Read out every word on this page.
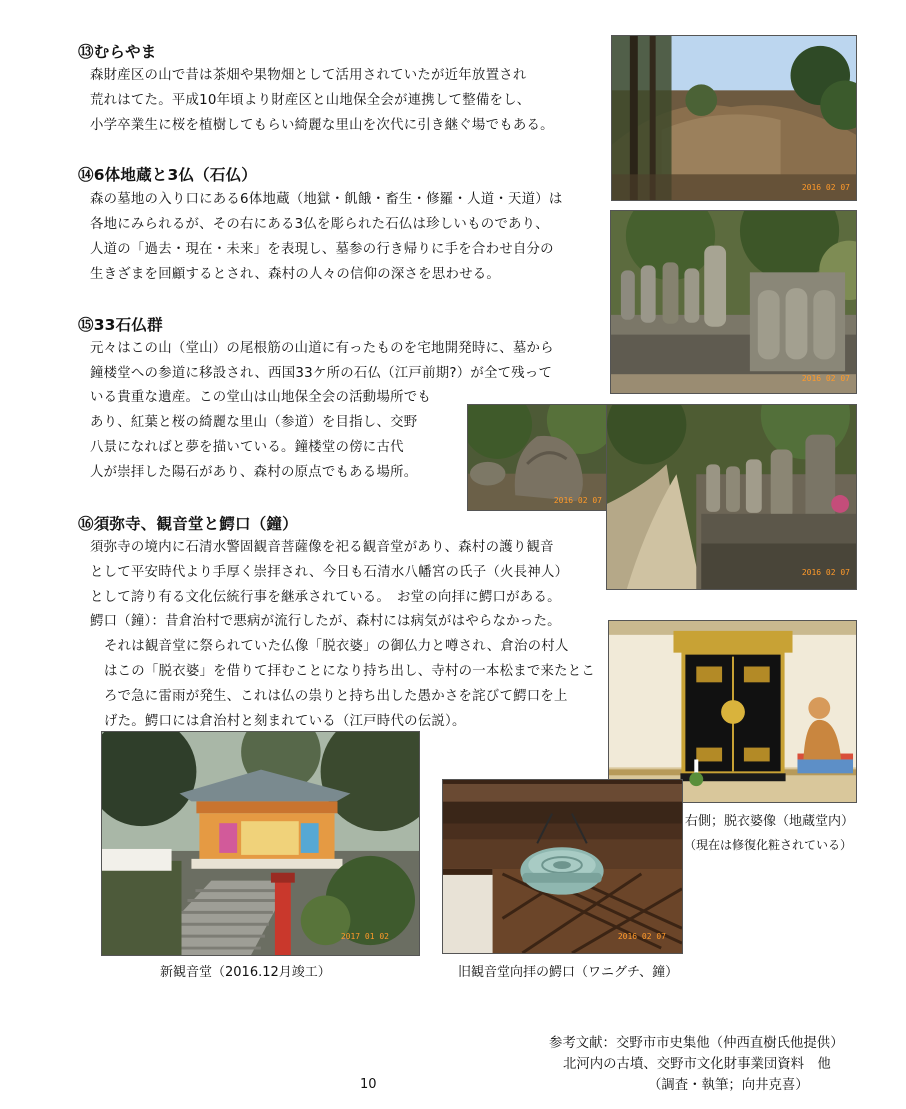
⑬むらやま
森財産区の山で昔は茶畑や果物畑として活用されていたが近年放置され
荒れはてた。平成10年頃より財産区と山地保全会が連携して整備をし、
小学卒業生に桜を植樹してもらい綺麗な里山を次代に引き継ぐ場でもある。
⑭6体地蔵と3仏（石仏）
森の墓地の入り口にある6体地蔵（地獄・飢餓・畜生・修羅・人道・天道）は
各地にみられるが、その右にある3仏を彫られた石仏は珍しいものであり、
人道の「過去・現在・未来」を表現し、墓参の行き帰りに手を合わせ自分の
生きざまを回顧するとされ、森村の人々の信仰の深さを思わせる。
⑮33石仏群
元々はこの山（堂山）の尾根筋の山道に有ったものを宅地開発時に、墓から
鐘楼堂への参道に移設され、西国33ケ所の石仏（江戸前期?）が全て残って
いる貴重な遺産。この堂山は山地保全会の活動場所でも
あり、紅葉と桜の綺麗な里山（参道）を目指し、交野
八景になればと夢を描いている。鐘楼堂の傍に古代
人が崇拝した陽石があり、森村の原点でもある場所。
⑯須弥寺、観音堂と鰐口（鐘）
須弥寺の境内に石清水警固観音菩薩像を祀る観音堂があり、森村の護り観音
として平安時代より手厚く崇拝され、今日も石清水八幡宮の氏子（火長神人）
として誇り有る文化伝統行事を継承されている。　お堂の向拝に鰐口がある。
鰐口（鐘）：昔倉治村で悪病が流行したが、森村には病気がはやらなかった。
それは観音堂に祭られていた仏像「脱衣婆」の御仏力と噂され、倉治の村人
はこの「脱衣婆」を借りて拝むことになり持ち出し、寺村の一本松まで来たとこ
ろで急に雷雨が発生、これは仏の祟りと持ち出した愚かさを詫びて鰐口を上
げた。鰐口には倉治村と刻まれている（江戸時代の伝説）。
2016 02 07
2016 02 07
2016 02 07
2016 02 07
右側；脱衣婆像（地蔵堂内）
（現在は修復化粧されている）
2017 01 02
新観音堂（2016.12月竣工）
2016 02 07
旧観音堂向拝の鰐口（ワニグチ、鐘）
参考文献：交野市市史集他（仲西直樹氏他提供）
北河内の古墳、交野市文化財事業団資料　他
（調査・執筆；向井克喜）
10
